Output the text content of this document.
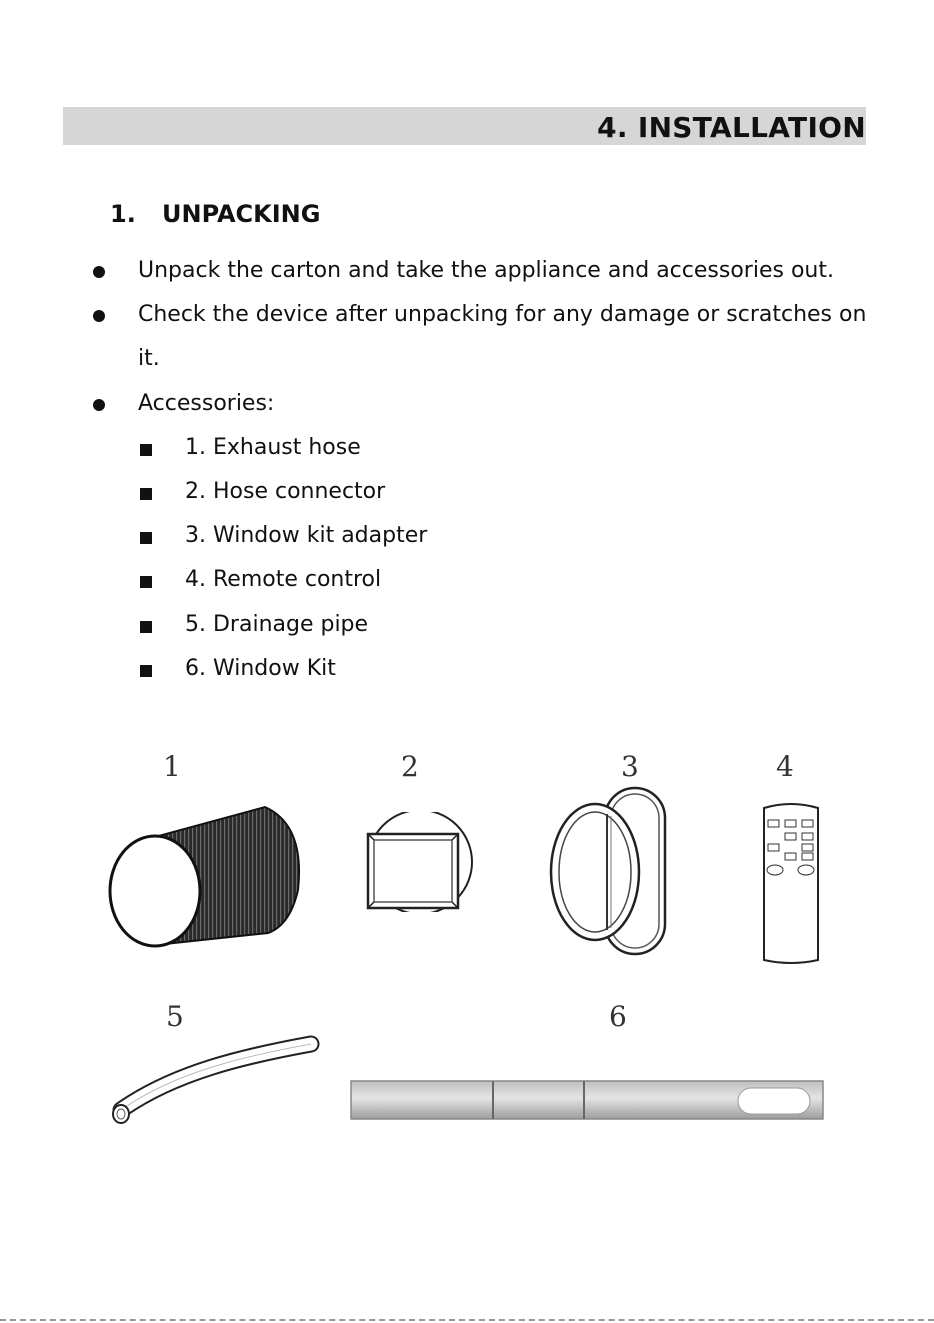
4. INSTALLATION
1. UNPACKING
Unpack the carton and take the appliance and accessories out.
Check the device after unpacking for any damage or scratches on
it.
Accessories:
1. Exhaust hose
2. Hose connector
3. Window kit adapter
4. Remote control
5. Drainage pipe
6. Window Kit
1	2	3	4
5	6
